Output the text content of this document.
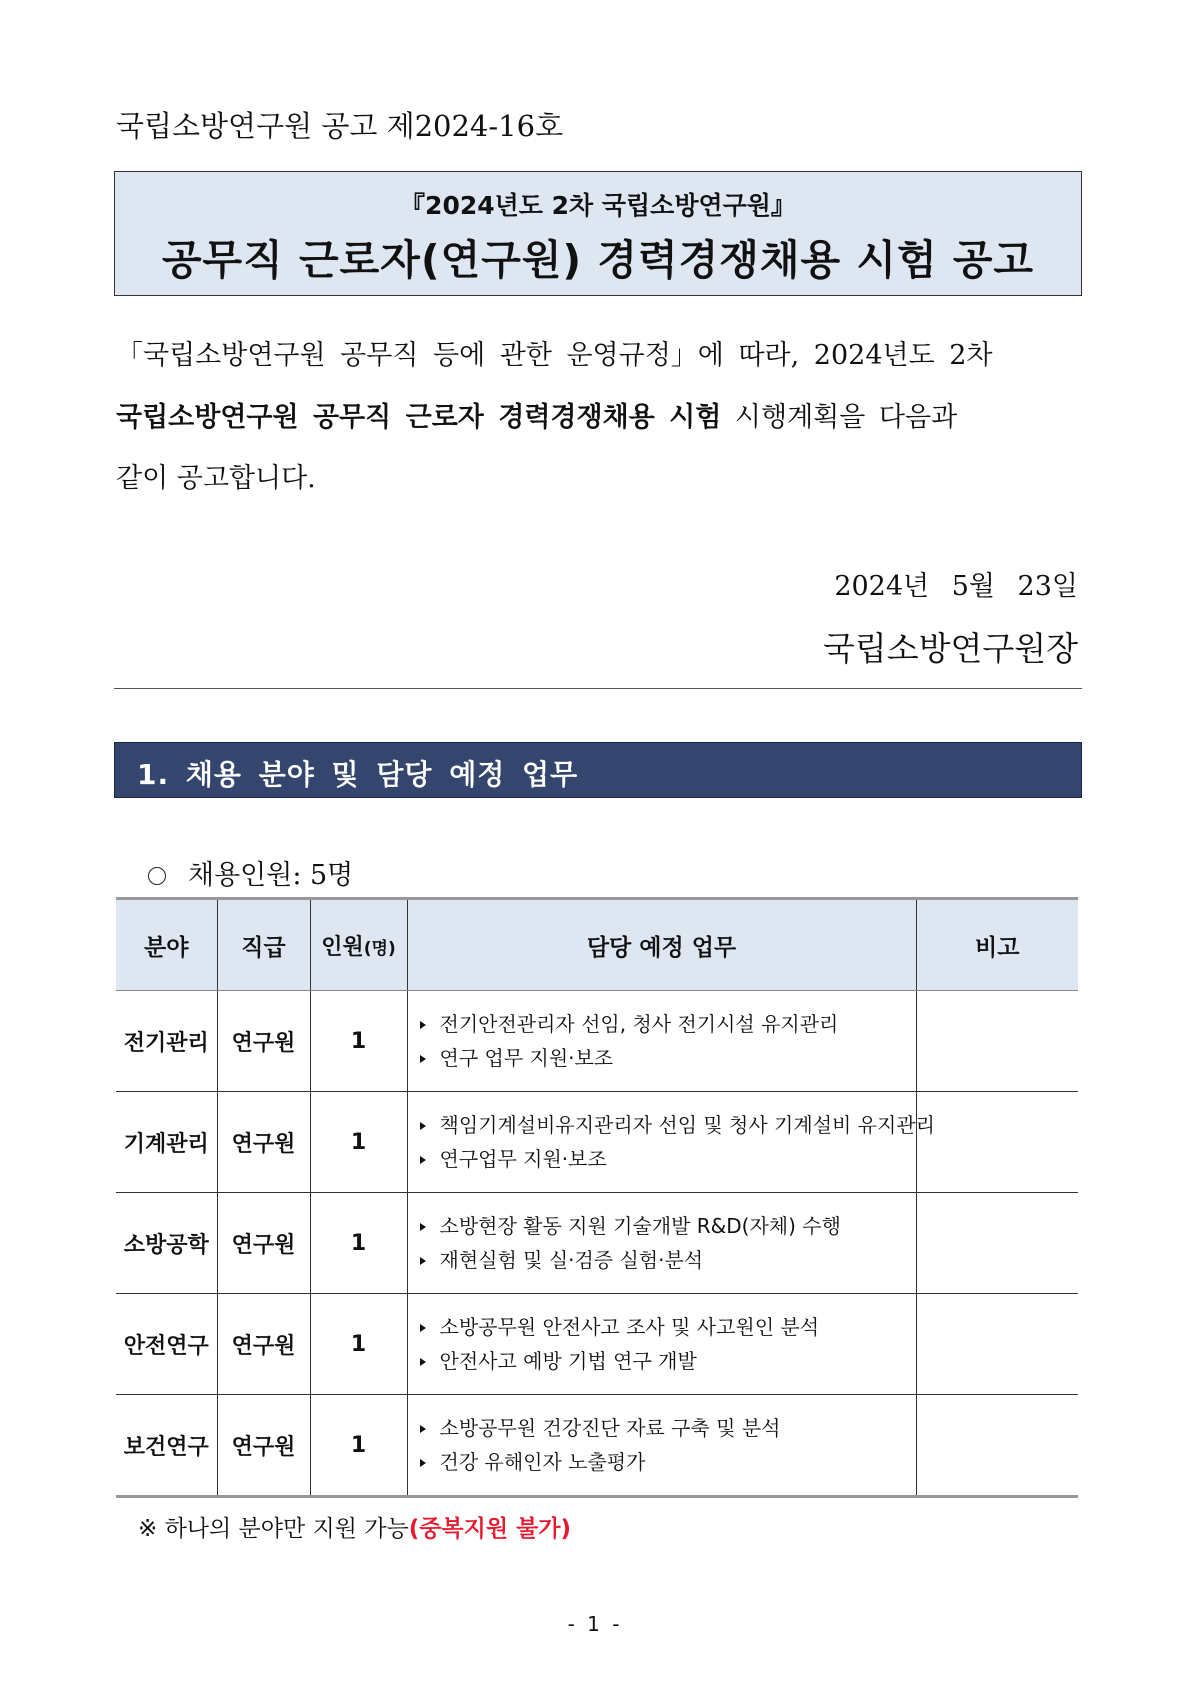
국립소방연구원 공고 제2024-16호
『2024년도 2차 국립소방연구원』
공무직 근로자(연구원) 경력경쟁채용 시험 공고
「국립소방연구원 공무직 등에 관한 운영규정」에 따라, 2024년도 2차
국립소방연구원 공무직 근로자 경력경쟁채용 시험 시행계획을 다음과
같이 공고합니다.
2024년 5월 23일
국립소방연구원장
1. 채용 분야 및 담당 예정 업무
채용인원: 5명
분야	직급	인원(명)	담당 예정 업무	비고
전기관리	연구원	1	전기안전관리자 선임, 청사 전기시설 유지관리
연구 업무 지원·보조	

기계관리	연구원	1	책임기계설비유지관리자 선임 및 청사 기계설비 유지관리
연구업무 지원·보조	

소방공학	연구원	1	소방현장 활동 지원 기술개발 R&D(자체) 수행
재현실험 및 실·검증 실험·분석	

안전연구	연구원	1	소방공무원 안전사고 조사 및 사고원인 분석
안전사고 예방 기법 연구 개발	

보건연구	연구원	1	소방공무원 건강진단 자료 구축 및 분석
건강 유해인자 노출평가	

※ 하나의 분야만 지원 가능(중복지원 불가)
- 1 -
